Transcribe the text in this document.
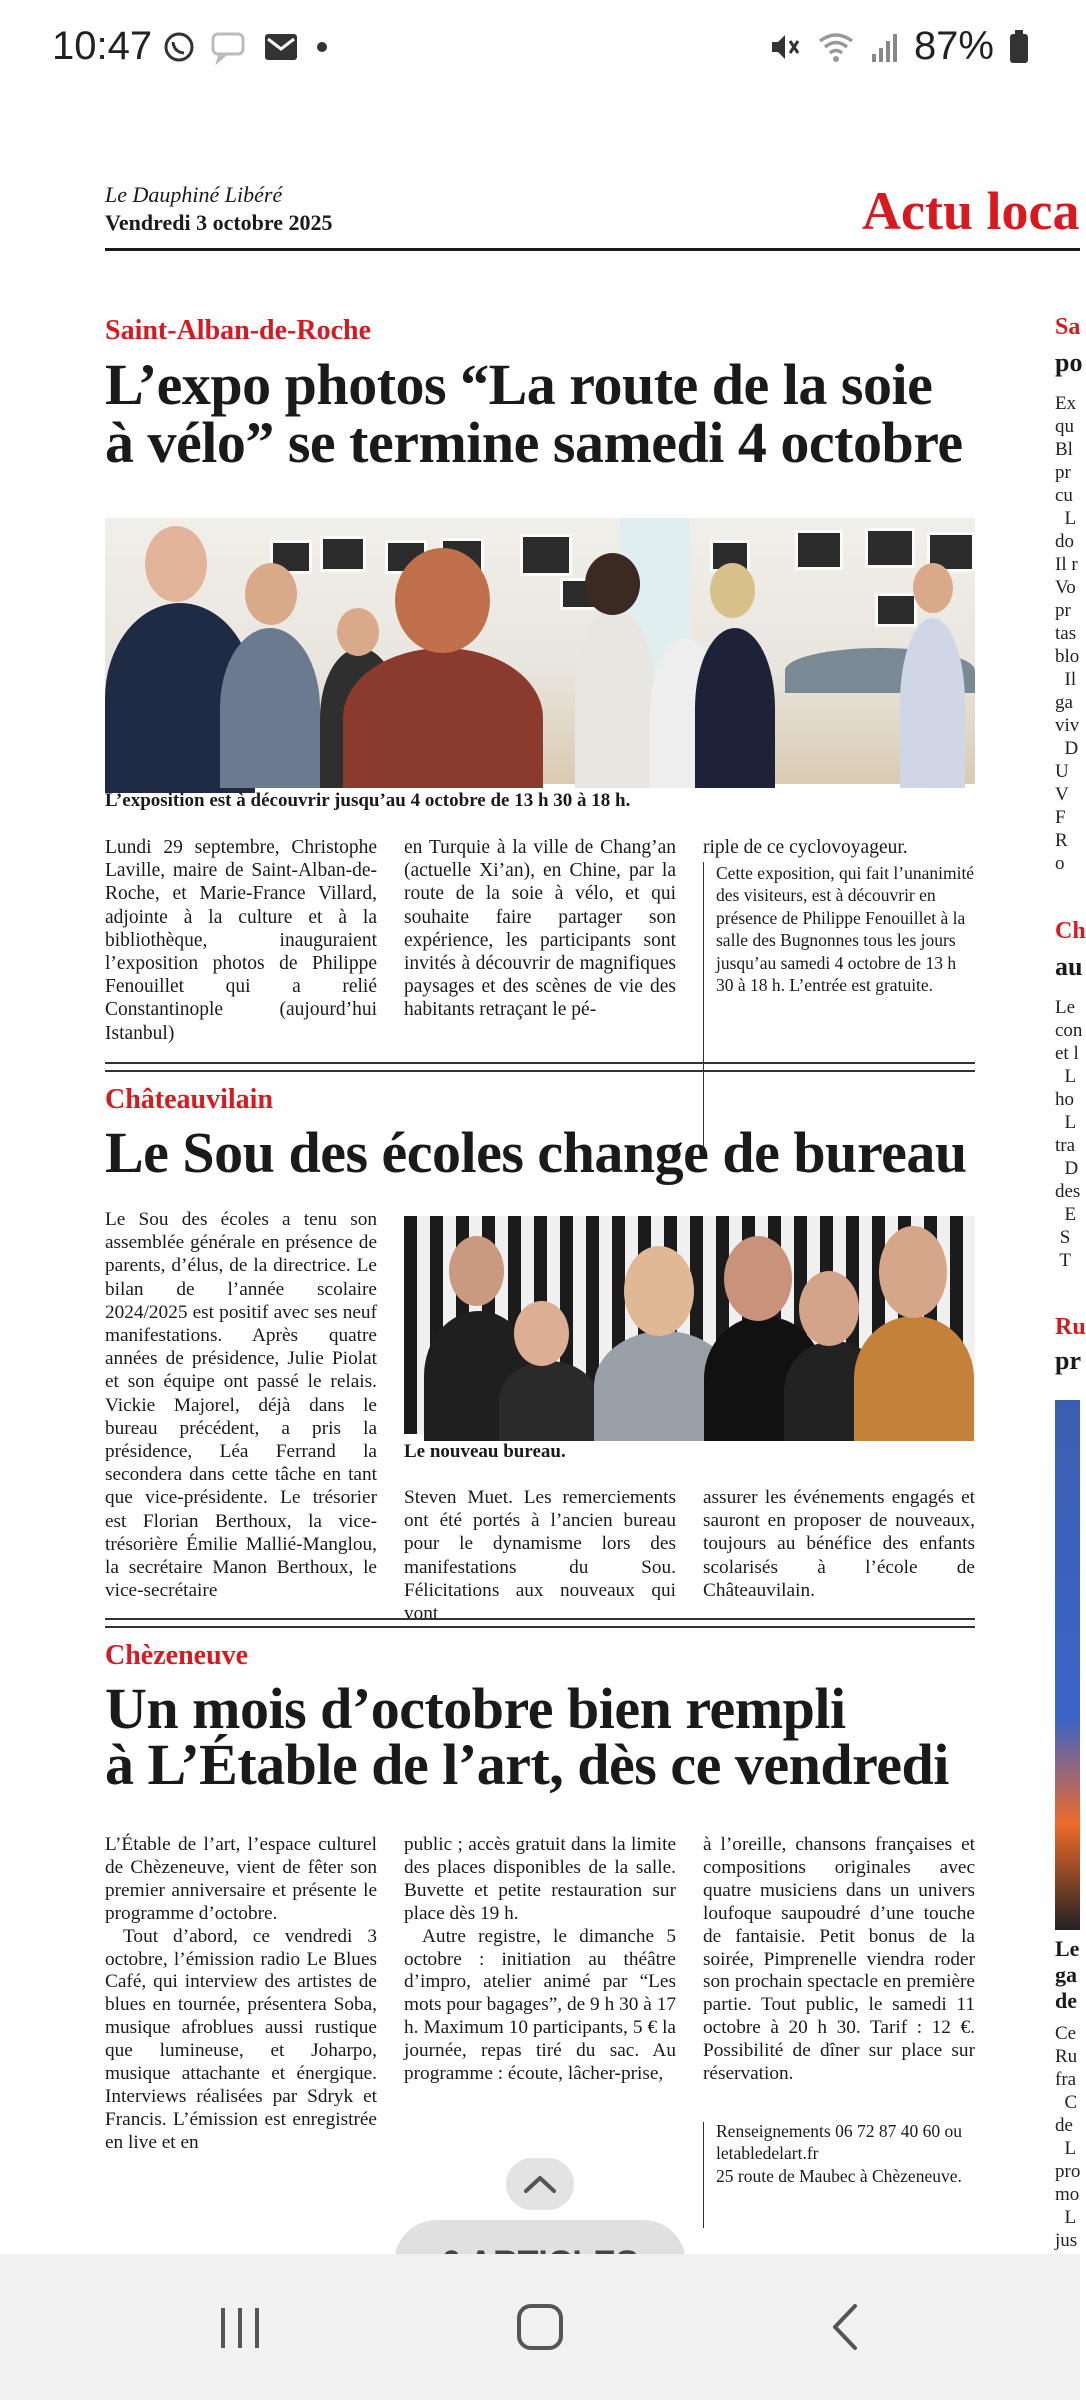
10:47	87%
Le Dauphiné Libéré
Vendredi 3 octobre 2025	Actu loca
Saint-Alban-de-Roche
L’expo photos “La route de la soie
à vélo” se termine samedi 4 octobre
L’exposition est à découvrir jusqu’au 4 octobre de 13 h 30 à 18 h.

Lundi 29 septembre, Christophe Laville, maire de Saint-Alban-de-Roche, et Marie-France Villard, adjointe à la culture et à la bibliothèque, inauguraient l’exposition photos de Philippe Fenouillet qui a relié Constantinople (aujourd’hui Istanbul)

en Turquie à la ville de Chang’an (actuelle Xi’an), en Chine, par la route de la soie à vélo, et qui souhaite faire partager son expérience, les participants sont invités à découvrir de magnifiques paysages et des scènes de vie des habitants retraçant le pé-

riple de ce cyclovoyageur.

Cette exposition, qui fait l’unanimité des visiteurs, est à découvrir en présence de Philippe Fenouillet à la salle des Bugnonnes tous les jours jusqu’au samedi 4 octobre de 13 h 30 à 18 h. L’entrée est gratuite.

Châteauvilain
Le Sou des écoles change de bureau

Le Sou des écoles a tenu son assemblée générale en présence de parents, d’élus, de la directrice. Le bilan de l’année scolaire 2024/2025 est positif avec ses neuf manifestations. Après quatre années de présidence, Julie Piolat et son équipe ont passé le relais. Vickie Majorel, déjà dans le bureau précédent, a pris la présidence, Léa Ferrand la secondera dans cette tâche en tant que vice-présidente. Le trésorier est Florian Berthoux, la vice-trésorière Émilie Mallié-Manglou, la secrétaire Manon Berthoux, le vice-secrétaire

Le nouveau bureau.

Steven Muet. Les remerciements ont été portés à l’ancien bureau pour le dynamisme lors des manifestations du Sou. Félicitations aux nouveaux qui vont

assurer les événements engagés et sauront en proposer de nouveaux, toujours au bénéfice des enfants scolarisés à l’école de Châteauvilain.

Chèzeneuve
Un mois d’octobre bien rempli
à L’Étable de l’art, dès ce vendredi

L’Étable de l’art, l’espace culturel de Chèzeneuve, vient de fêter son premier anniversaire et présente le programme d’octobre.

Tout d’abord, ce vendredi 3 octobre, l’émission radio Le Blues Café, qui interview des artistes de blues en tournée, présentera Soba, musique afroblues aussi rustique que lumineuse, et Joharpo, musique attachante et énergique. Interviews réalisées par Sdryk et Francis. L’émission est enregistrée en live et en

public ; accès gratuit dans la limite des places disponibles de la salle. Buvette et petite restauration sur place dès 19 h.

Autre registre, le dimanche 5 octobre : initiation au théâtre d’impro, atelier animé par “Les mots pour bagages”, de 9 h 30 à 17 h. Maximum 10 participants, 5 € la journée, repas tiré du sac. Au programme : écoute, lâcher-prise,

à l’oreille, chansons françaises et compositions originales avec quatre musiciens dans un univers loufoque saupoudré d’une touche de fantaisie. Petit bonus de la soirée, Pimprenelle viendra roder son prochain spectacle en première partie. Tout public, le samedi 11 octobre à 20 h 30. Tarif : 12 €. Possibilité de dîner sur place sur réservation.

Renseignements 06 72 87 40 60 ou letabledelart.fr

25 route de Maubec à Chèzeneuve.

Sa
po
Ex
qu
Bl
pr
cu
L
do
Il r
Vo
pr
tas
blo
Il
ga
viv
D
U
V
F
R
o
Ch
au
Le
con
et l
L
ho
L
tra
D
des
E
S
T
Ru
pr
Le
ga
de
Ce
Ru
fra
C
de
L
pro
mo
L
jus
